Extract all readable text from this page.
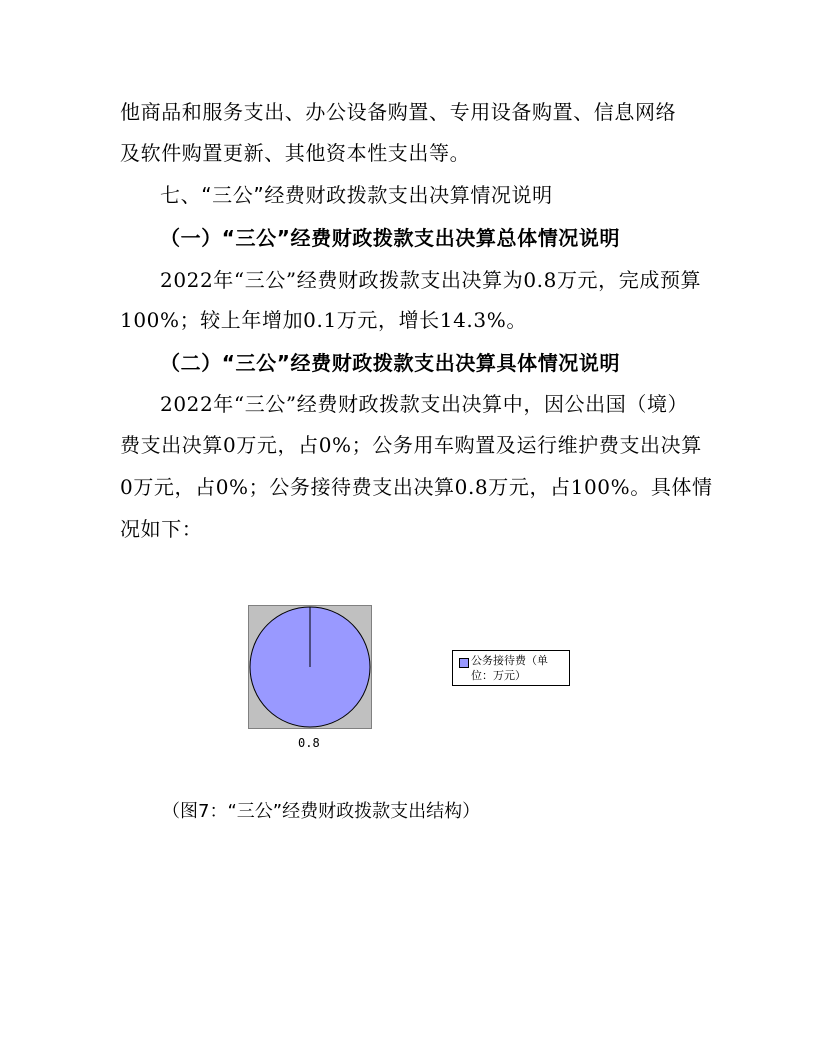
他商品和服务支出、办公设备购置、专用设备购置、信息网络
及软件购置更新、其他资本性支出等。
七、“三公”经费财政拨款支出决算情况说明
（一）“三公”经费财政拨款支出决算总体情况说明
2022年“三公”经费财政拨款支出决算为0.8万元，完成预算
100%；较上年增加0.1万元，增长14.3%。
（二）“三公”经费财政拨款支出决算具体情况说明
2022年“三公”经费财政拨款支出决算中，因公出国（境）
费支出决算0万元，占0%；公务用车购置及运行维护费支出决算
0万元，占0%；公务接待费支出决算0.8万元，占100%。具体情
况如下：
公务接待费（单位：万元）
0.8
（图7：“三公”经费财政拨款支出结构）
